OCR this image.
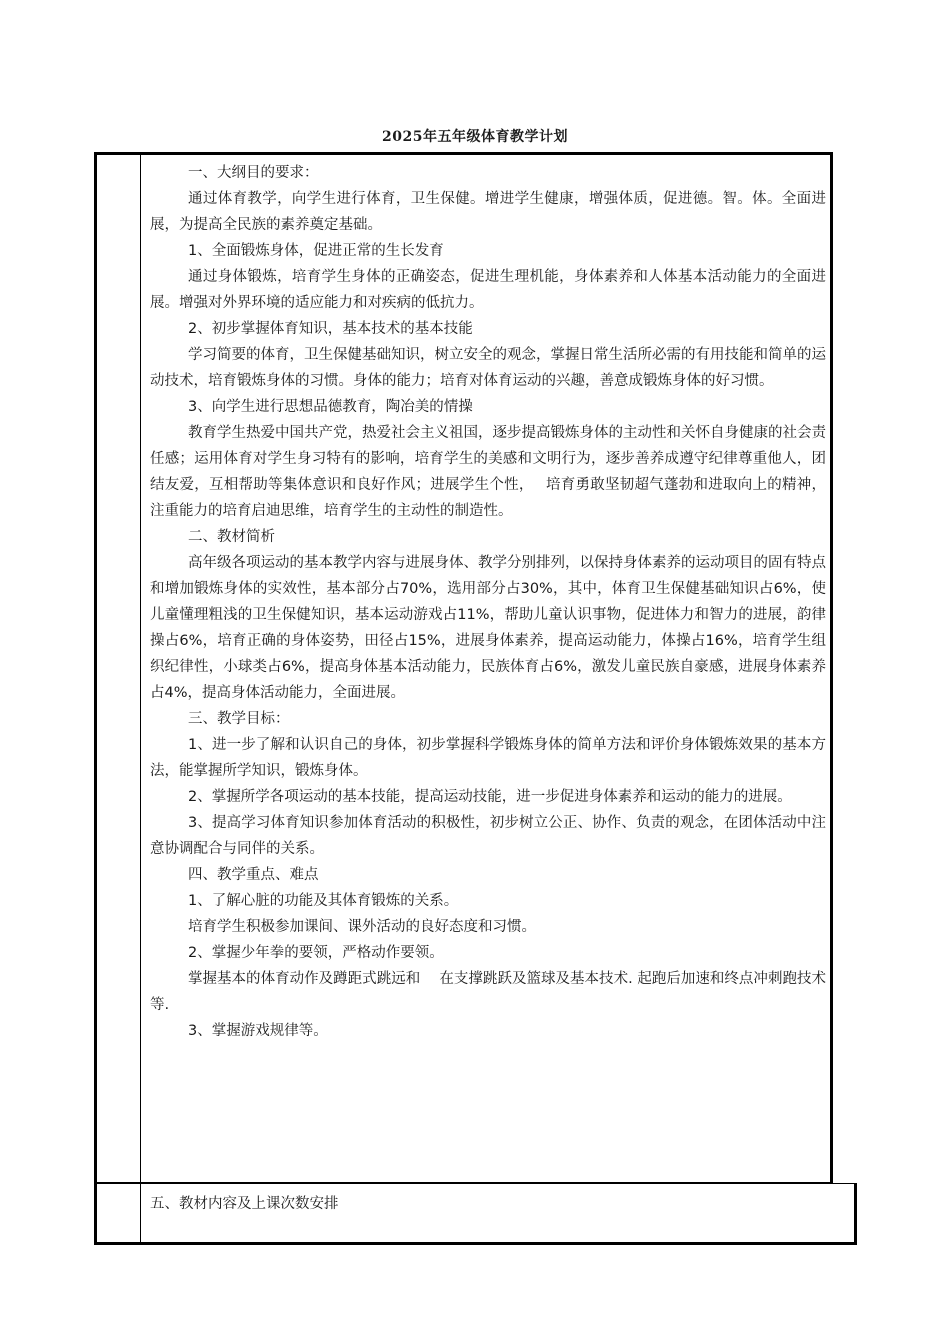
2025年五年级体育教学计划

一、大纲目的要求：

通过体育教学，向学生进行体育，卫生保健。增进学生健康，增强体质，促进德。智。体。全面进展，为提高全民族的素养奠定基础。

1、全面锻炼身体，促进正常的生长发育

通过身体锻炼，培育学生身体的正确姿态，促进生理机能，身体素养和人体基本活动能力的全面进展。增强对外界环境的适应能力和对疾病的低抗力。

2、初步掌握体育知识，基本技术的基本技能

学习简要的体育，卫生保健基础知识，树立安全的观念，掌握日常生活所必需的有用技能和简单的运动技术，培育锻炼身体的习惯。身体的能力；培育对体育运动的兴趣，善意成锻炼身体的好习惯。

3、向学生进行思想品德教育，陶冶美的情操

教育学生热爱中国共产党，热爱社会主义祖国，逐步提高锻炼身体的主动性和关怀自身健康的社会责任感；运用体育对学生身习特有的影响，培育学生的美感和文明行为，逐步善养成遵守纪律尊重他人，团结友爱，互相帮助等集体意识和良好作风；进展学生个性，　 培育勇敢坚韧超气蓬勃和进取向上的精神，注重能力的培育启迪思维，培育学生的主动性的制造性。

二、教材简析

高年级各项运动的基本教学内容与进展身体、教学分别排列，以保持身体素养的运动项目的固有特点和增加锻炼身体的实效性，基本部分占70%，选用部分占30%，其中，体育卫生保健基础知识占6%，使儿童懂理粗浅的卫生保健知识，基本运动游戏占11%，帮助儿童认识事物，促进体力和智力的进展，韵律操占6%，培育正确的身体姿势，田径占15%，进展身体素养，提高运动能力，体操占16%，培育学生组织纪律性，小球类占6%，提高身体基本活动能力，民族体育占6%，激发儿童民族自豪感，进展身体素养占4%，提高身体活动能力，全面进展。

三、教学目标：

1、进一步了解和认识自己的身体，初步掌握科学锻炼身体的简单方法和评价身体锻炼效果的基本方法，能掌握所学知识，锻炼身体。

2、掌握所学各项运动的基本技能，提高运动技能，进一步促进身体素养和运动的能力的进展。

3、提高学习体育知识参加体育活动的积极性，初步树立公正、协作、负责的观念，在团体活动中注意协调配合与同伴的关系。

四、教学重点、难点

1、了解心脏的功能及其体育锻炼的关系。

培育学生积极参加课间、课外活动的良好态度和习惯。

2、掌握少年拳的要领，严格动作要领。

掌握基本的体育动作及蹲距式跳远和　 在支撑跳跃及篮球及基本技术. 起跑后加速和终点冲刺跑技术等.

3、掌握游戏规律等。

五、教材内容及上课次数安排
